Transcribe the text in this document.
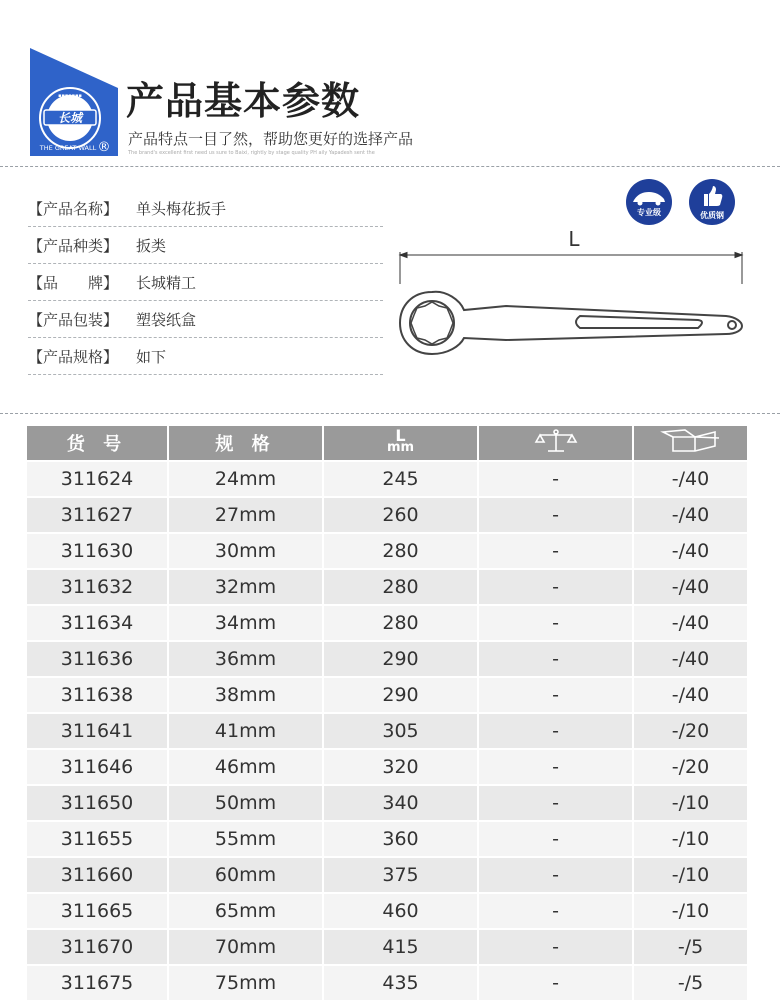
长城
▪▪▪▪▪▪▪
THE GREAT WALL ®
产品基本参数
产品特点一目了然，帮助您更好的选择产品
The brand's excellent first need us sure to Baixi, rightly by stage quality PH aily Yapadesh sent the
【产品名称】	单头梅花扳手
【产品种类】	扳类
【品　　牌】	长城精工
【产品包装】	塑袋纸盒
【产品规格】	如下
专业级	优质钢
L
货 号	规 格	L
mm

311624	24mm	245	-	-/40
311627	27mm	260	-	-/40
311630	30mm	280	-	-/40
311632	32mm	280	-	-/40
311634	34mm	280	-	-/40
311636	36mm	290	-	-/40
311638	38mm	290	-	-/40
311641	41mm	305	-	-/20
311646	46mm	320	-	-/20
311650	50mm	340	-	-/10
311655	55mm	360	-	-/10
311660	60mm	375	-	-/10
311665	65mm	460	-	-/10
311670	70mm	415	-	-/5
311675	75mm	435	-	-/5
